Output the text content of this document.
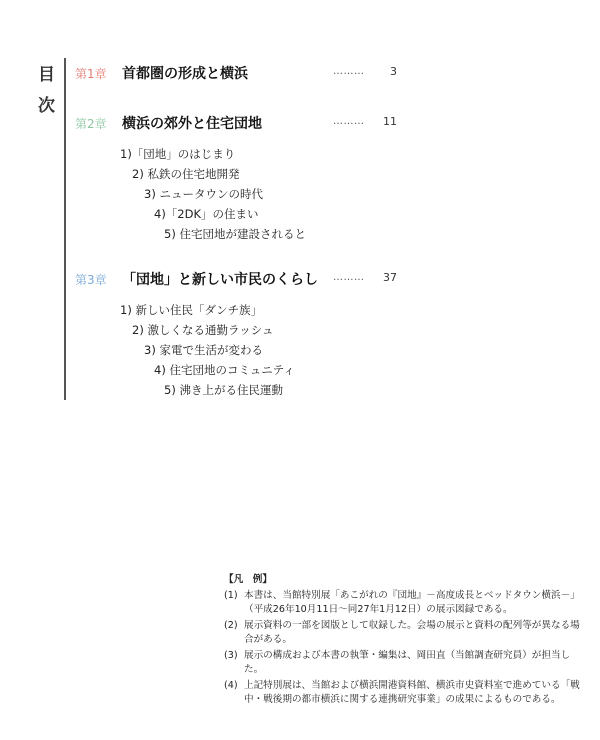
目
次
第1章	首都圏の形成と横浜	……… 3
第2章	横浜の郊外と住宅団地	……… 11
1)「団地」のはじまり
2) 私鉄の住宅地開発
3) ニュータウンの時代
4)「2DK」の住まい
5) 住宅団地が建設されると
第3章	「団地」と新しい市民のくらし ……… 37
1) 新しい住民「ダンチ族」
2) 激しくなる通勤ラッシュ
3) 家電で生活が変わる
4) 住宅団地のコミュニティ
5) 沸き上がる住民運動
【凡　例】
(1) 本書は、当館特別展「あこがれの『団地』－高度成長とベッドタウン横浜－」（平成26年10月11日～同27年1月12日）の展示図録である。
(2) 展示資料の一部を図版として収録した。会場の展示と資料の配列等が異なる場合がある。
(3) 展示の構成および本書の執筆・編集は、岡田直（当館調査研究員）が担当した。
(4) 上記特別展は、当館および横浜開港資料館、横浜市史資料室で進めている「戦中・戦後期の都市横浜に関する連携研究事業」の成果によるものである。
